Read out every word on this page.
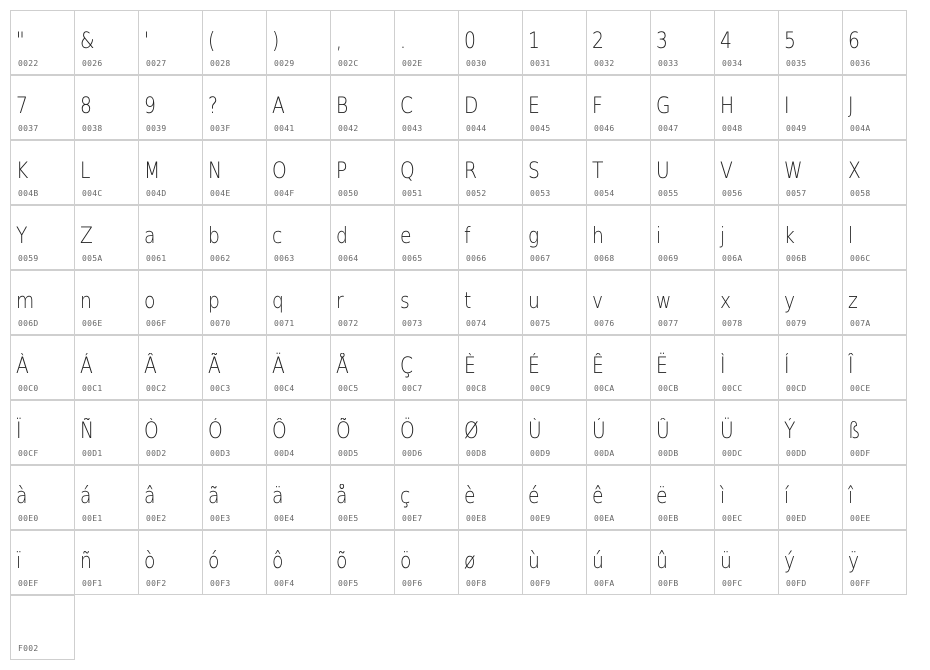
"
0022
&
0026
'
0027
(
0028
)
0029
,
002C
.
002E
0
0030
1
0031
2
0032
3
0033
4
0034
5
0035
6
0036
7
0037
8
0038
9
0039
?
003F
A
0041
B
0042
C
0043
D
0044
E
0045
F
0046
G
0047
H
0048
I
0049
J
004A
K
004B
L
004C
M
004D
N
004E
O
004F
P
0050
Q
0051
R
0052
S
0053
T
0054
U
0055
V
0056
W
0057
X
0058
Y
0059
Z
005A
a
0061
b
0062
c
0063
d
0064
e
0065
f
0066
g
0067
h
0068
i
0069
j
006A
k
006B
l
006C
m
006D
n
006E
o
006F
p
0070
q
0071
r
0072
s
0073
t
0074
u
0075
v
0076
w
0077
x
0078
y
0079
z
007A
À
00C0
Á
00C1
Â
00C2
Ã
00C3
Ä
00C4
Å
00C5
Ç
00C7
È
00C8
É
00C9
Ê
00CA
Ë
00CB
Ì
00CC
Í
00CD
Î
00CE
Ï
00CF
Ñ
00D1
Ò
00D2
Ó
00D3
Ô
00D4
Õ
00D5
Ö
00D6
Ø
00D8
Ù
00D9
Ú
00DA
Û
00DB
Ü
00DC
Ý
00DD
ß
00DF
à
00E0
á
00E1
â
00E2
ã
00E3
ä
00E4
å
00E5
ç
00E7
è
00E8
é
00E9
ê
00EA
ë
00EB
ì
00EC
í
00ED
î
00EE
ï
00EF
ñ
00F1
ò
00F2
ó
00F3
ô
00F4
õ
00F5
ö
00F6
ø
00F8
ù
00F9
ú
00FA
û
00FB
ü
00FC
ý
00FD
ÿ
00FF
F002
